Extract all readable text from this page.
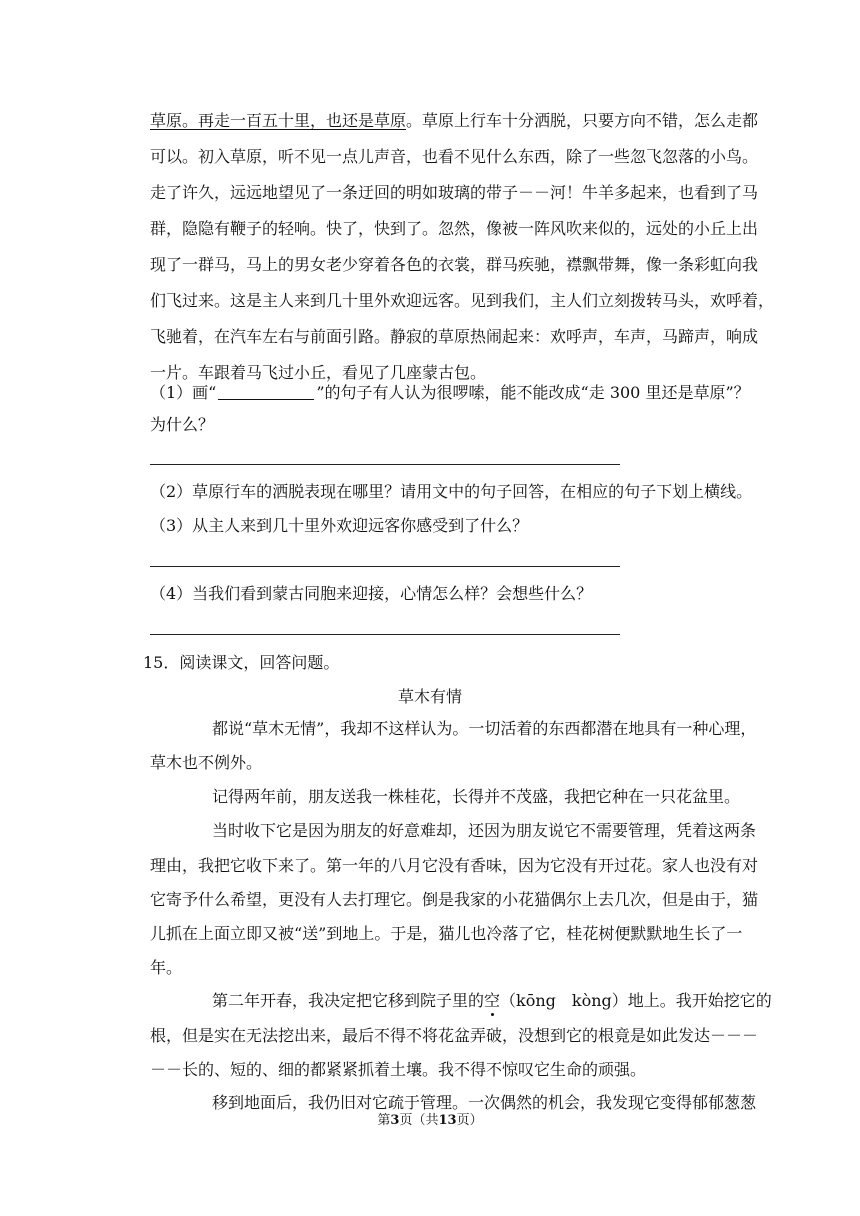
草原。再走一百五十里，也还是草原。草原上行车十分洒脱，只要方向不错，怎么走都
可以。初入草原，听不见一点儿声音，也看不见什么东西，除了一些忽飞忽落的小鸟。
走了许久，远远地望见了一条迂回的明如玻璃的带子－－河！牛羊多起来，也看到了马
群，隐隐有鞭子的轻响。快了，快到了。忽然，像被一阵风吹来似的，远处的小丘上出
现了一群马，马上的男女老少穿着各色的衣裳，群马疾驰，襟飘带舞，像一条彩虹向我
们飞过来。这是主人来到几十里外欢迎远客。见到我们，主人们立刻拨转马头，欢呼着，
飞驰着，在汽车左右与前面引路。静寂的草原热闹起来：欢呼声，车声，马蹄声，响成
一片。车跟着马飞过小丘，看见了几座蒙古包。
（1）画“	”的句子有人认为很啰嗦，能不能改成“走 300 里还是草原”？
为什么？
（2）草原行车的洒脱表现在哪里？请用文中的句子回答，在相应的句子下划上横线。
（3）从主人来到几十里外欢迎远客你感受到了什么？
（4）当我们看到蒙古同胞来迎接，心情怎么样？会想些什么？
15．阅读课文，回答问题。
草木有情
都说“草木无情”，我却不这样认为。一切活着的东西都潜在地具有一种心理，
草木也不例外。
记得两年前，朋友送我一株桂花，长得并不茂盛，我把它种在一只花盆里。
当时收下它是因为朋友的好意难却，还因为朋友说它不需要管理，凭着这两条
理由，我把它收下来了。第一年的八月它没有香味，因为它没有开过花。家人也没有对
它寄予什么希望，更没有人去打理它。倒是我家的小花猫偶尔上去几次，但是由于，猫
儿抓在上面立即又被“送”到地上。于是，猫儿也冷落了它，桂花树便默默地生长了一
年。
第二年开春，我决定把它移到院子里的空（kōng　kòng）地上。我开始挖它的
根，但是实在无法挖出来，最后不得不将花盆弄破，没想到它的根竟是如此发达－－－
－－长的、短的、细的都紧紧抓着土壤。我不得不惊叹它生命的顽强。
移到地面后，我仍旧对它疏于管理。一次偶然的机会，我发现它变得郁郁葱葱
第3页（共13页）
